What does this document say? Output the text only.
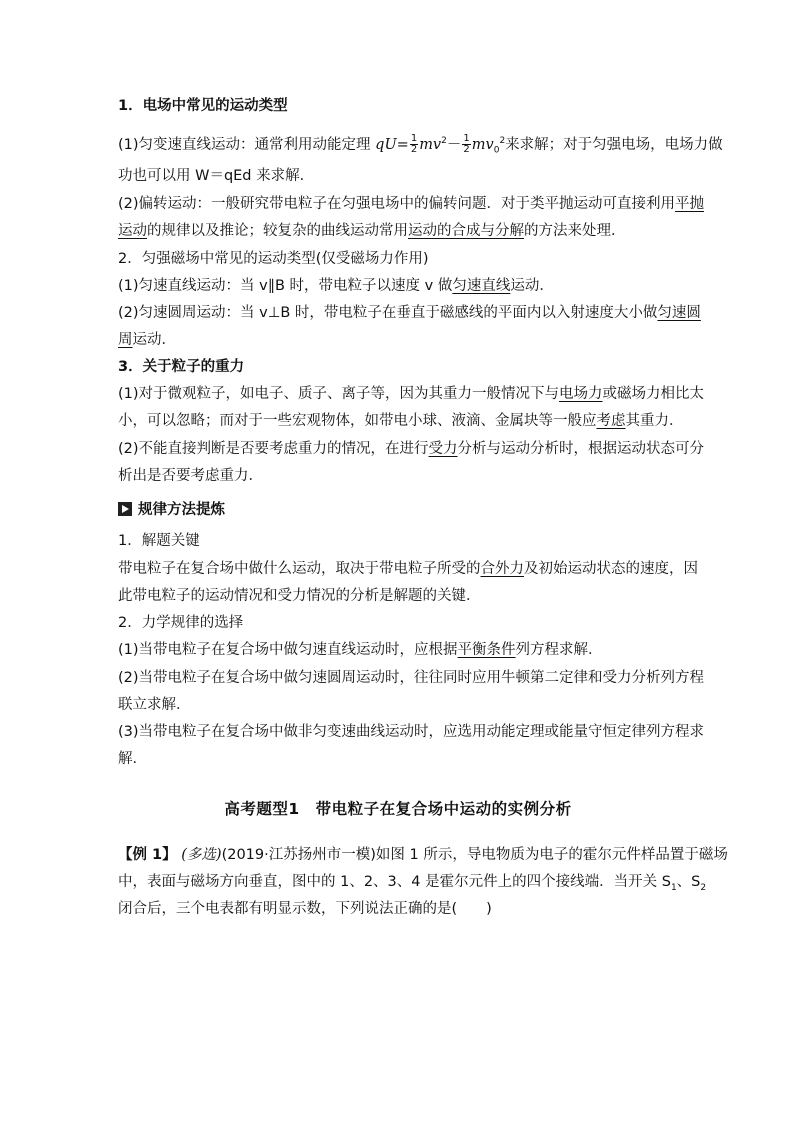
1．电场中常见的运动类型
(1)匀变速直线运动：通常利用动能定理 $qU= \frac{1}{2} mv^2- \frac{1}{2} mv_0^2$来求解；对于匀强电场，电场力做
功也可以用 W＝qEd 来求解．
(2)偏转运动：一般研究带电粒子在匀强电场中的偏转问题．对于类平抛运动可直接利用平抛
运动的规律以及推论；较复杂的曲线运动常用运动的合成与分解的方法来处理．
2．匀强磁场中常见的运动类型(仅受磁场力作用)
(1)匀速直线运动：当 v∥B 时，带电粒子以速度 v 做匀速直线运动．
(2)匀速圆周运动：当 v⊥B 时，带电粒子在垂直于磁感线的平面内以入射速度大小做匀速圆
周运动．
3．关于粒子的重力
(1)对于微观粒子，如电子、质子、离子等，因为其重力一般情况下与电场力或磁场力相比太
小，可以忽略；而对于一些宏观物体，如带电小球、液滴、金属块等一般应考虑其重力．
(2)不能直接判断是否要考虑重力的情况，在进行受力分析与运动分析时，根据运动状态可分
析出是否要考虑重力．
规律方法提炼
1．解题关键
带电粒子在复合场中做什么运动，取决于带电粒子所受的合外力及初始运动状态的速度，因
此带电粒子的运动情况和受力情况的分析是解题的关键．
2．力学规律的选择
(1)当带电粒子在复合场中做匀速直线运动时，应根据平衡条件列方程求解．
(2)当带电粒子在复合场中做匀速圆周运动时，往往同时应用牛顿第二定律和受力分析列方程
联立求解．
(3)当带电粒子在复合场中做非匀变速曲线运动时，应选用动能定理或能量守恒定律列方程求
解．
高考题型1　带电粒子在复合场中运动的实例分析
【例 1】 (多选)(2019·江苏扬州市一模)如图 1 所示，导电物质为电子的霍尔元件样品置于磁场
中，表面与磁场方向垂直，图中的 1、2、3、4 是霍尔元件上的四个接线端．当开关 $S_1$、$S_2$
闭合后，三个电表都有明显示数，下列说法正确的是(　　)
